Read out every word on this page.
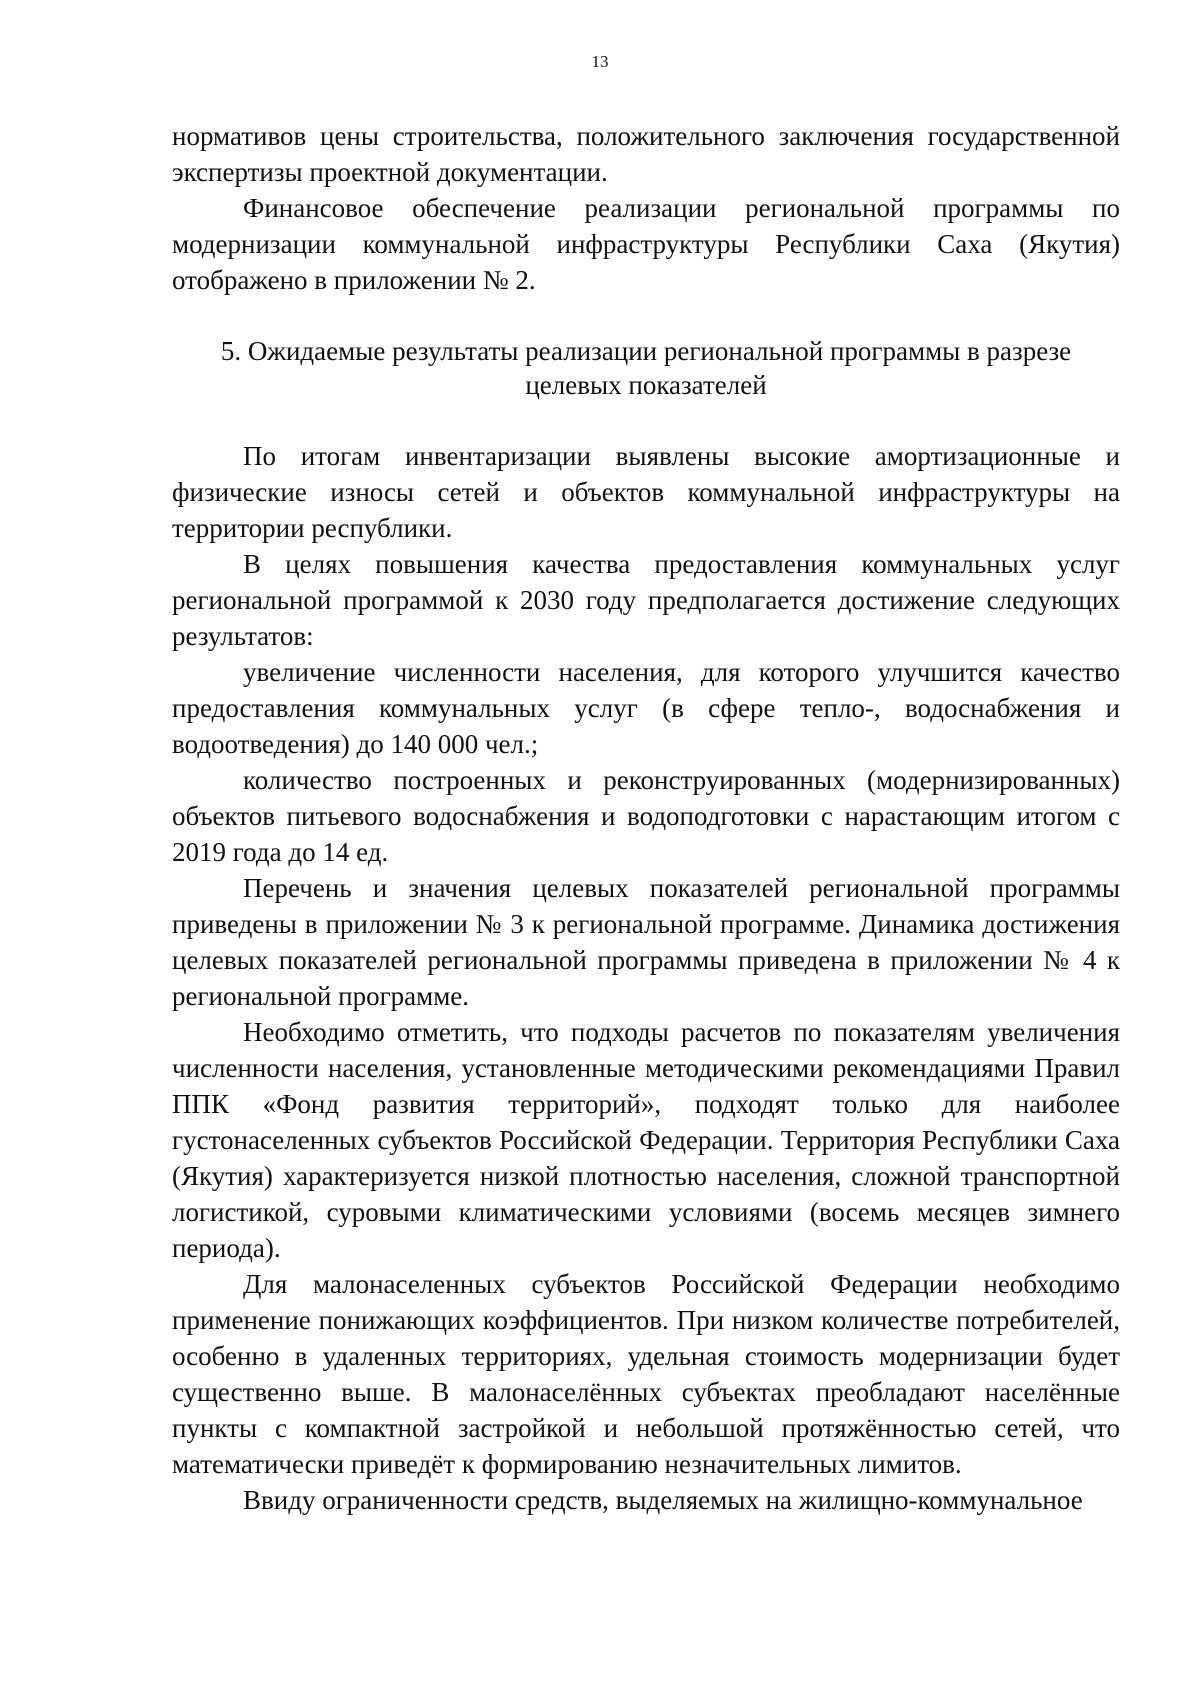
13

нормативов цены строительства, положительного заключения государственной экспертизы проектной документации.

Финансовое обеспечение реализации региональной программы по модернизации коммунальной инфраструктуры Республики Саха (Якутия) отображено в приложении № 2.

5. Ожидаемые результаты реализации региональной программы в разрезе
целевых показателей

По итогам инвентаризации выявлены высокие амортизационные и физические износы сетей и объектов коммунальной инфраструктуры на территории республики.

В целях повышения качества предоставления коммунальных услуг региональной программой к 2030 году предполагается достижение следующих результатов:

увеличение численности населения, для которого улучшится качество предоставления коммунальных услуг (в сфере тепло-, водоснабжения и водоотведения) до 140 000 чел.;

количество построенных и реконструированных (модернизированных) объектов питьевого водоснабжения и водоподготовки с нарастающим итогом с 2019 года до 14 ед.

Перечень и значения целевых показателей региональной программы приведены в приложении № 3 к региональной программе. Динамика достижения целевых показателей региональной программы приведена в приложении № 4 к региональной программе.

Необходимо отметить, что подходы расчетов по показателям увеличения численности населения, установленные методическими рекомендациями Правил ППК «Фонд развития территорий», подходят только для наиболее густонаселенных субъектов Российской Федерации. Территория Республики Саха (Якутия) характеризуется низкой плотностью населения, сложной транспортной логистикой, суровыми климатическими условиями (восемь месяцев зимнего периода).

Для малонаселенных субъектов Российской Федерации необходимо применение понижающих коэффициентов. При низком количестве потребителей, особенно в удаленных территориях, удельная стоимость модернизации будет существенно выше. В малонаселённых субъектах преобладают населённые пункты с компактной застройкой и небольшой протяжённостью сетей, что математически приведёт к формированию незначительных лимитов.

Ввиду ограниченности средств, выделяемых на жилищно-коммунальное
